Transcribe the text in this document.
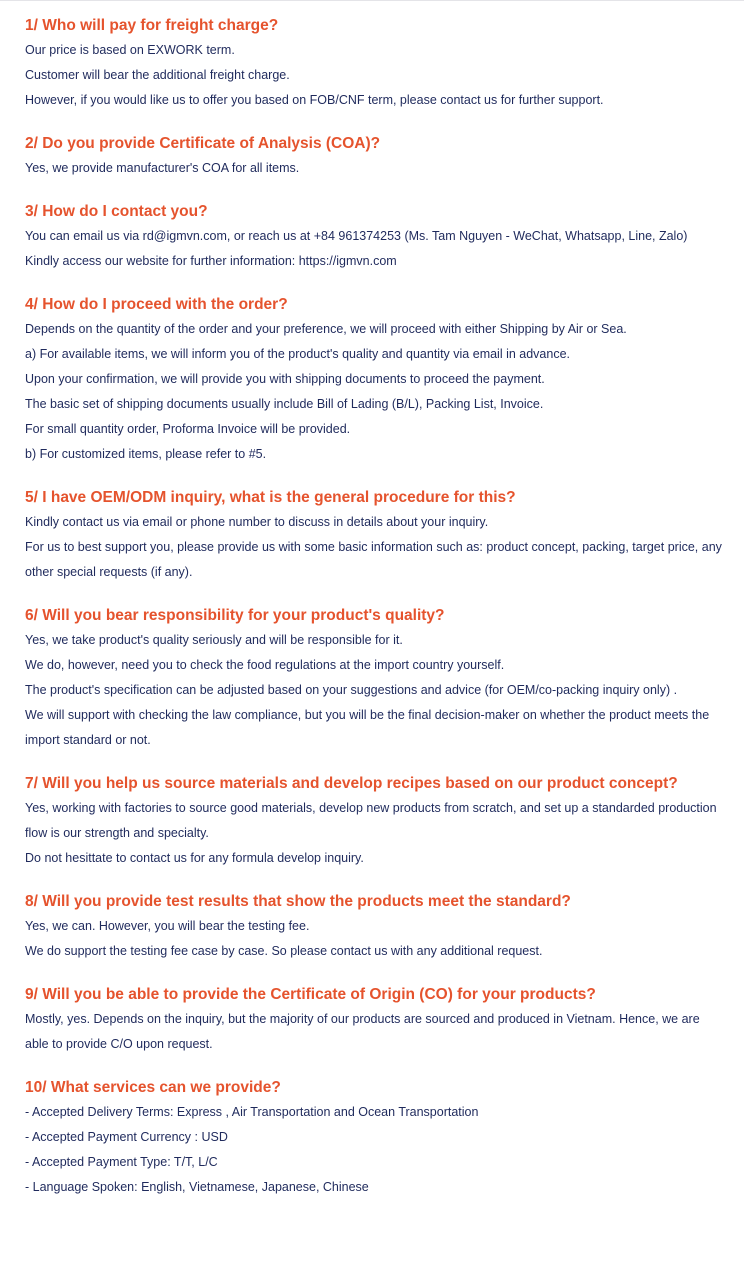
1/ Who will pay for freight charge?

Our price is based on EXWORK term.

Customer will bear the additional freight charge.

However, if you would like us to offer you based on FOB/CNF term, please contact us for further support.

2/ Do you provide Certificate of Analysis (COA)?

Yes, we provide manufacturer's COA for all items.

3/ How do I contact you?

You can email us via rd@igmvn.com, or reach us at +84 961374253 (Ms. Tam Nguyen - WeChat, Whatsapp, Line, Zalo)

Kindly access our website for further information: https://igmvn.com

4/ How do I proceed with the order?

Depends on the quantity of the order and your preference, we will proceed with either Shipping by Air or Sea.

a) For available items, we will inform you of the product's quality and quantity via email in advance.

Upon your confirmation, we will provide you with shipping documents to proceed the payment.

The basic set of shipping documents usually include Bill of Lading (B/L), Packing List, Invoice.

For small quantity order, Proforma Invoice will be provided.

b) For customized items, please refer to #5.

5/ I have OEM/ODM inquiry, what is the general procedure for this?

Kindly contact us via email or phone number to discuss in details about your inquiry.

For us to best support you, please provide us with some basic information such as: product concept, packing, target price, any other special requests (if any).

6/ Will you bear responsibility for your product's quality?

Yes, we take product's quality seriously and will be responsible for it.

We do, however, need you to check the food regulations at the import country yourself.

The product's specification can be adjusted based on your suggestions and advice (for OEM/co-packing inquiry only) .

We will support with checking the law compliance, but you will be the final decision-maker on whether the product meets the import standard or not.

7/ Will you help us source materials and develop recipes based on our product concept?

Yes, working with factories to source good materials, develop new products from scratch, and set up a standarded production flow is our strength and specialty.

Do not hesittate to contact us for any formula develop inquiry.

8/ Will you provide test results that show the products meet the standard?

Yes, we can. However, you will bear the testing fee.

We do support the testing fee case by case. So please contact us with any additional request.

9/ Will you be able to provide the Certificate of Origin (CO) for your products?

Mostly, yes. Depends on the inquiry, but the majority of our products are sourced and produced in Vietnam. Hence, we are able to provide C/O upon request.

10/ What services can we provide?

- Accepted Delivery Terms: Express , Air Transportation and Ocean Transportation

- Accepted Payment Currency : USD

- Accepted Payment Type: T/T, L/C

- Language Spoken: English, Vietnamese, Japanese, Chinese
